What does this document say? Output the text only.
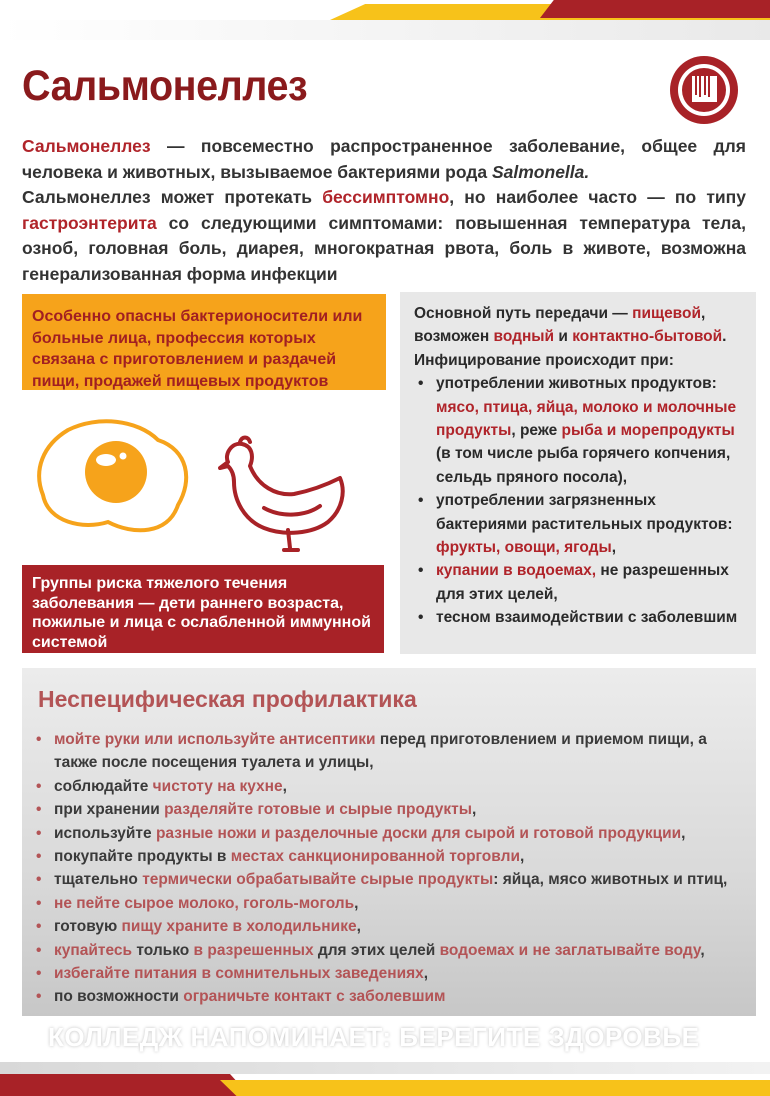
Сальмонеллез

Сальмонеллез — повсеместно распространенное заболевание, общее для человека и животных, вызываемое бактериями рода Salmonella.

Сальмонеллез может протекать бессимптомно, но наиболее часто — по типу гастроэнтерита со следующими симптомами: повышенная температура тела, озноб, головная боль, диарея, многократная рвота, боль в животе, возможна генерализованная форма инфекции

Особенно опасны бактерионосители или больные лица, профессия которых связана с приготовлением и раздачей пищи, продажей пищевых продуктов
Группы риска тяжелого течения заболевания — дети раннего возраста, пожилые и лица с ослабленной иммунной системой

Основной путь передачи — пищевой, возможен водный и контактно-бытовой.

Инфицирование происходит при:

• употреблении животных продуктов: мясо, птица, яйца, молоко и молочные продукты, реже рыба и морепродукты (в том числе рыба горячего копчения, сельдь пряного посола),
• употреблении загрязненных бактериями растительных продуктов: фрукты, овощи, ягоды,
• купании в водоемах, не разрешенных для этих целей,
• тесном взаимодействии с заболевшим
Неспецифическая профилактика
• мойте руки или используйте антисептики перед приготовлением и приемом пищи, а также после посещения туалета и улицы,
• соблюдайте чистоту на кухне,
• при хранении разделяйте готовые и сырые продукты,
• используйте разные ножи и разделочные доски для сырой и готовой продукции,
• покупайте продукты в местах санкционированной торговли,
• тщательно термически обрабатывайте сырые продукты: яйца, мясо животных и птиц,
• не пейте сырое молоко, гоголь-моголь,
• готовую пищу храните в холодильнике,
• купайтесь только в разрешенных для этих целей водоемах и не заглатывайте воду,
• избегайте питания в сомнительных заведениях,
• по возможности ограничьте контакт с заболевшим

КОЛЛЕДЖ НАПОМИНАЕТ: БЕРЕГИТЕ ЗДОРОВЬЕ
